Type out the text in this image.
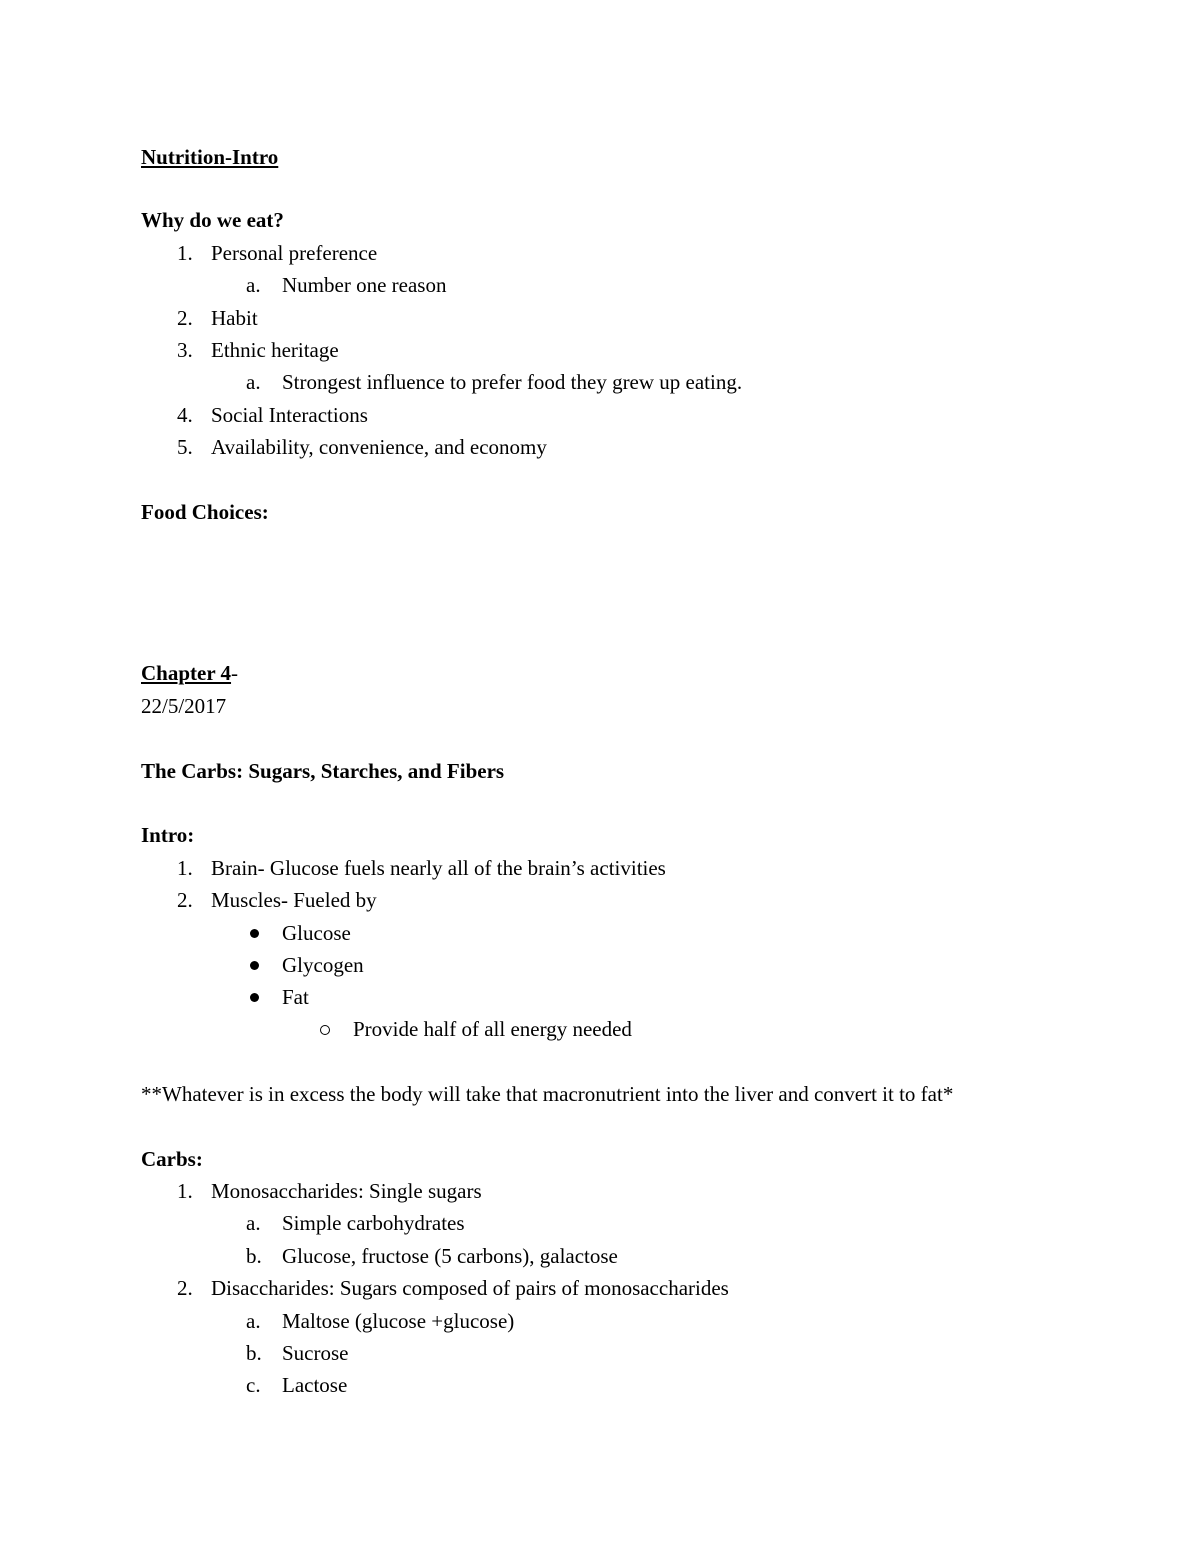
Nutrition-Intro
Why do we eat?
1. Personal preference
a. Number one reason
2. Habit
3. Ethnic heritage
a. Strongest influence to prefer food they grew up eating.
4. Social Interactions
5. Availability, convenience, and economy
Food Choices:
Chapter 4-
22/5/2017
The Carbs: Sugars, Starches, and Fibers
Intro:
1. Brain- Glucose fuels nearly all of the brain’s activities
2. Muscles- Fueled by
Glucose
Glycogen
Fat
Provide half of all energy needed
**Whatever is in excess the body will take that macronutrient into the liver and convert it to fat*
Carbs:
1. Monosaccharides: Single sugars
a. Simple carbohydrates
b. Glucose, fructose (5 carbons), galactose
2. Disaccharides: Sugars composed of pairs of monosaccharides
a. Maltose (glucose +glucose)
b. Sucrose
c. Lactose
